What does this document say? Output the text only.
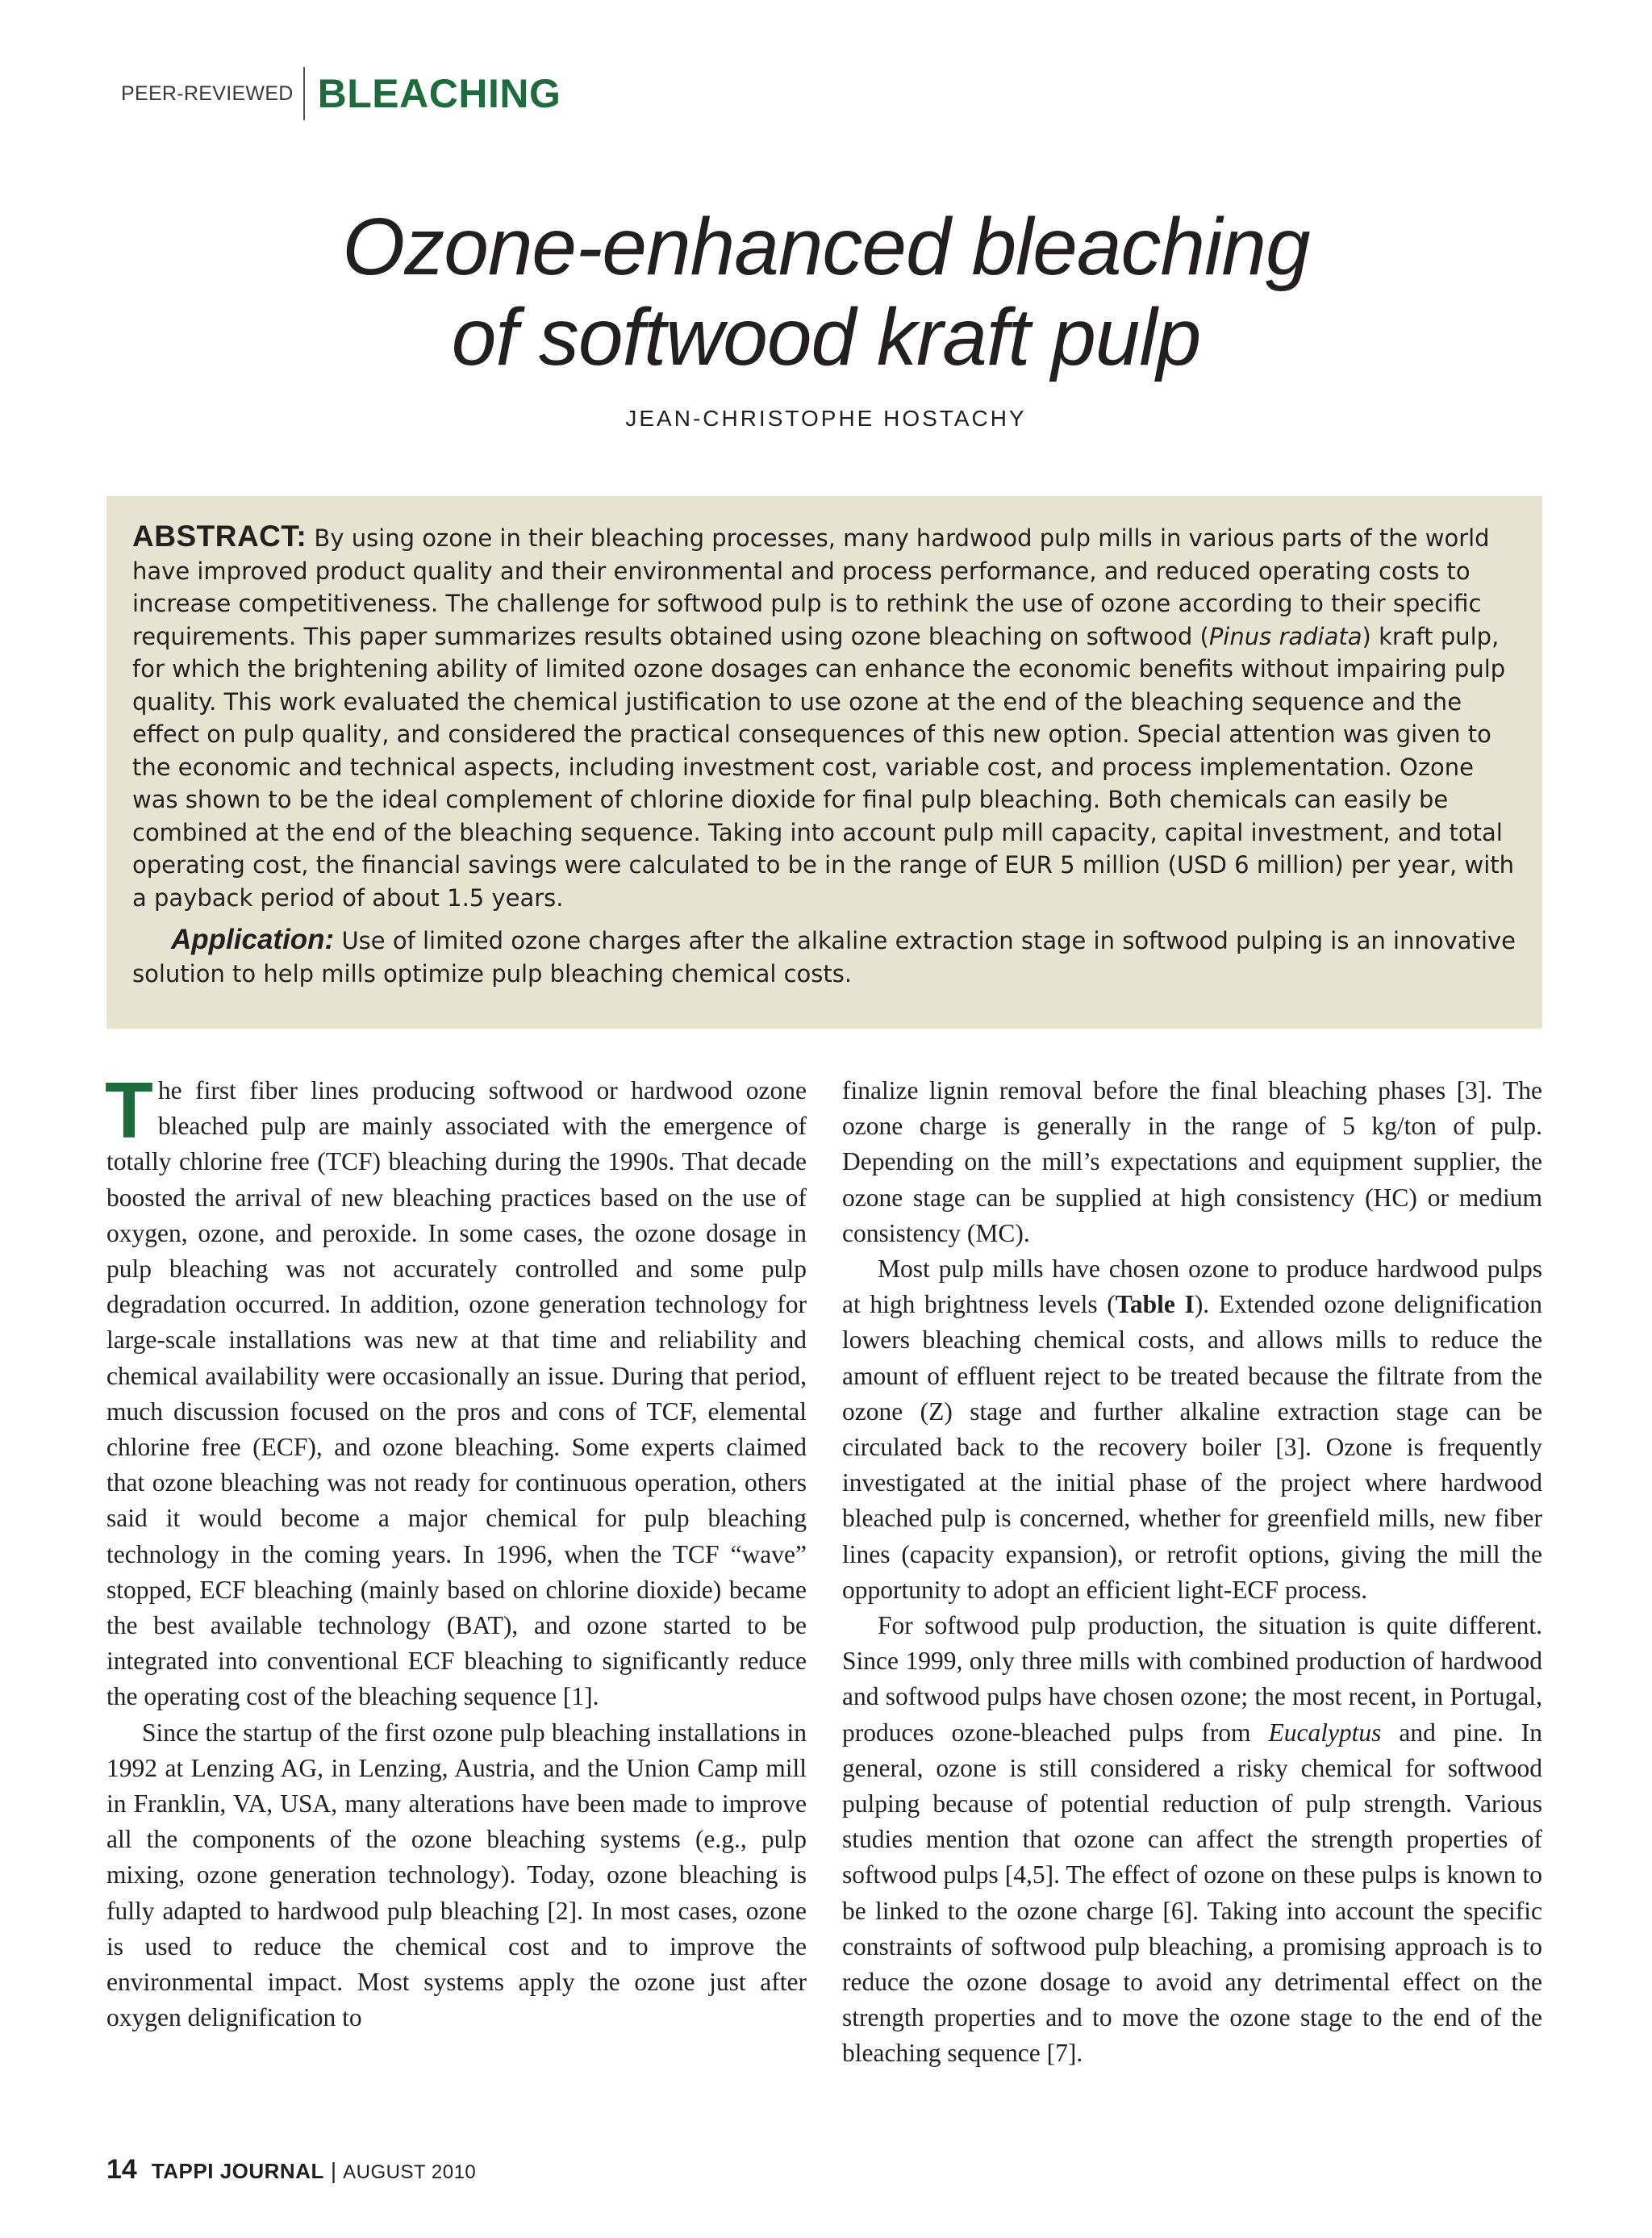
PEER-REVIEWED BLEACHING
Ozone-enhanced bleaching
of softwood kraft pulp
JEAN-CHRISTOPHE HOSTACHY
ABSTRACT: By using ozone in their bleaching processes, many hardwood pulp mills in various parts of the world have improved product quality and their environmental and process performance, and reduced operating costs to increase competitiveness. The challenge for softwood pulp is to rethink the use of ozone according to their specific requirements. This paper summarizes results obtained using ozone bleaching on softwood (Pinus radiata) kraft pulp, for which the brightening ability of limited ozone dosages can enhance the economic benefits without impairing pulp quality. This work evaluated the chemical justification to use ozone at the end of the bleaching sequence and the effect on pulp quality, and considered the practical consequences of this new option. Special attention was given to the economic and technical aspects, including investment cost, variable cost, and process implementation. Ozone was shown to be the ideal complement of chlorine dioxide for final pulp bleaching. Both chemicals can easily be combined at the end of the bleaching sequence. Taking into account pulp mill capacity, capital investment, and total operating cost, the financial savings were calculated to be in the range of EUR 5 million (USD 6 million) per year, with a payback period of about 1.5 years.
Application: Use of limited ozone charges after the alkaline extraction stage in softwood pulping is an innovative solution to help mills optimize pulp bleaching chemical costs.

The first fiber lines producing softwood or hardwood ozone bleached pulp are mainly associated with the emergence of totally chlorine free (TCF) bleaching during the 1990s. That decade boosted the arrival of new bleaching practices based on the use of oxygen, ozone, and peroxide. In some cases, the ozone dosage in pulp bleaching was not accurately controlled and some pulp degradation occurred. In addition, ozone generation technology for large-scale installations was new at that time and reliability and chemical availability were occasionally an issue. During that period, much discussion focused on the pros and cons of TCF, elemental chlorine free (ECF), and ozone bleaching. Some experts claimed that ozone bleaching was not ready for continuous operation, others said it would become a major chemical for pulp bleaching technology in the coming years. In 1996, when the TCF “wave” stopped, ECF bleaching (mainly based on chlorine dioxide) became the best available technology (BAT), and ozone started to be integrated into conventional ECF bleaching to significantly reduce the operating cost of the bleaching sequence [1].

Since the startup of the first ozone pulp bleaching installations in 1992 at Lenzing AG, in Lenzing, Austria, and the Union Camp mill in Franklin, VA, USA, many alterations have been made to improve all the components of the ozone bleaching systems (e.g., pulp mixing, ozone generation technology). Today, ozone bleaching is fully adapted to hardwood pulp bleaching [2]. In most cases, ozone is used to reduce the chemical cost and to improve the environmental impact. Most systems apply the ozone just after oxygen delignification to

finalize lignin removal before the final bleaching phases [3]. The ozone charge is generally in the range of 5 kg/ton of pulp. Depending on the mill’s expectations and equipment supplier, the ozone stage can be supplied at high consistency (HC) or medium consistency (MC).

Most pulp mills have chosen ozone to produce hardwood pulps at high brightness levels (Table I). Extended ozone delignification lowers bleaching chemical costs, and allows mills to reduce the amount of effluent reject to be treated because the filtrate from the ozone (Z) stage and further alkaline extraction stage can be circulated back to the recovery boiler [3]. Ozone is frequently investigated at the initial phase of the project where hardwood bleached pulp is concerned, whether for greenfield mills, new fiber lines (capacity expansion), or retrofit options, giving the mill the opportunity to adopt an efficient light-ECF process.

For softwood pulp production, the situation is quite different. Since 1999, only three mills with combined production of hardwood and softwood pulps have chosen ozone; the most recent, in Portugal, produces ozone-bleached pulps from Eucalyptus and pine. In general, ozone is still considered a risky chemical for softwood pulping because of potential reduction of pulp strength. Various studies mention that ozone can affect the strength properties of softwood pulps [4,5]. The effect of ozone on these pulps is known to be linked to the ozone charge [6]. Taking into account the specific constraints of softwood pulp bleaching, a promising approach is to reduce the ozone dosage to avoid any detrimental effect on the strength properties and to move the ozone stage to the end of the bleaching sequence [7].

14 TAPPI JOURNAL | AUGUST 2010
